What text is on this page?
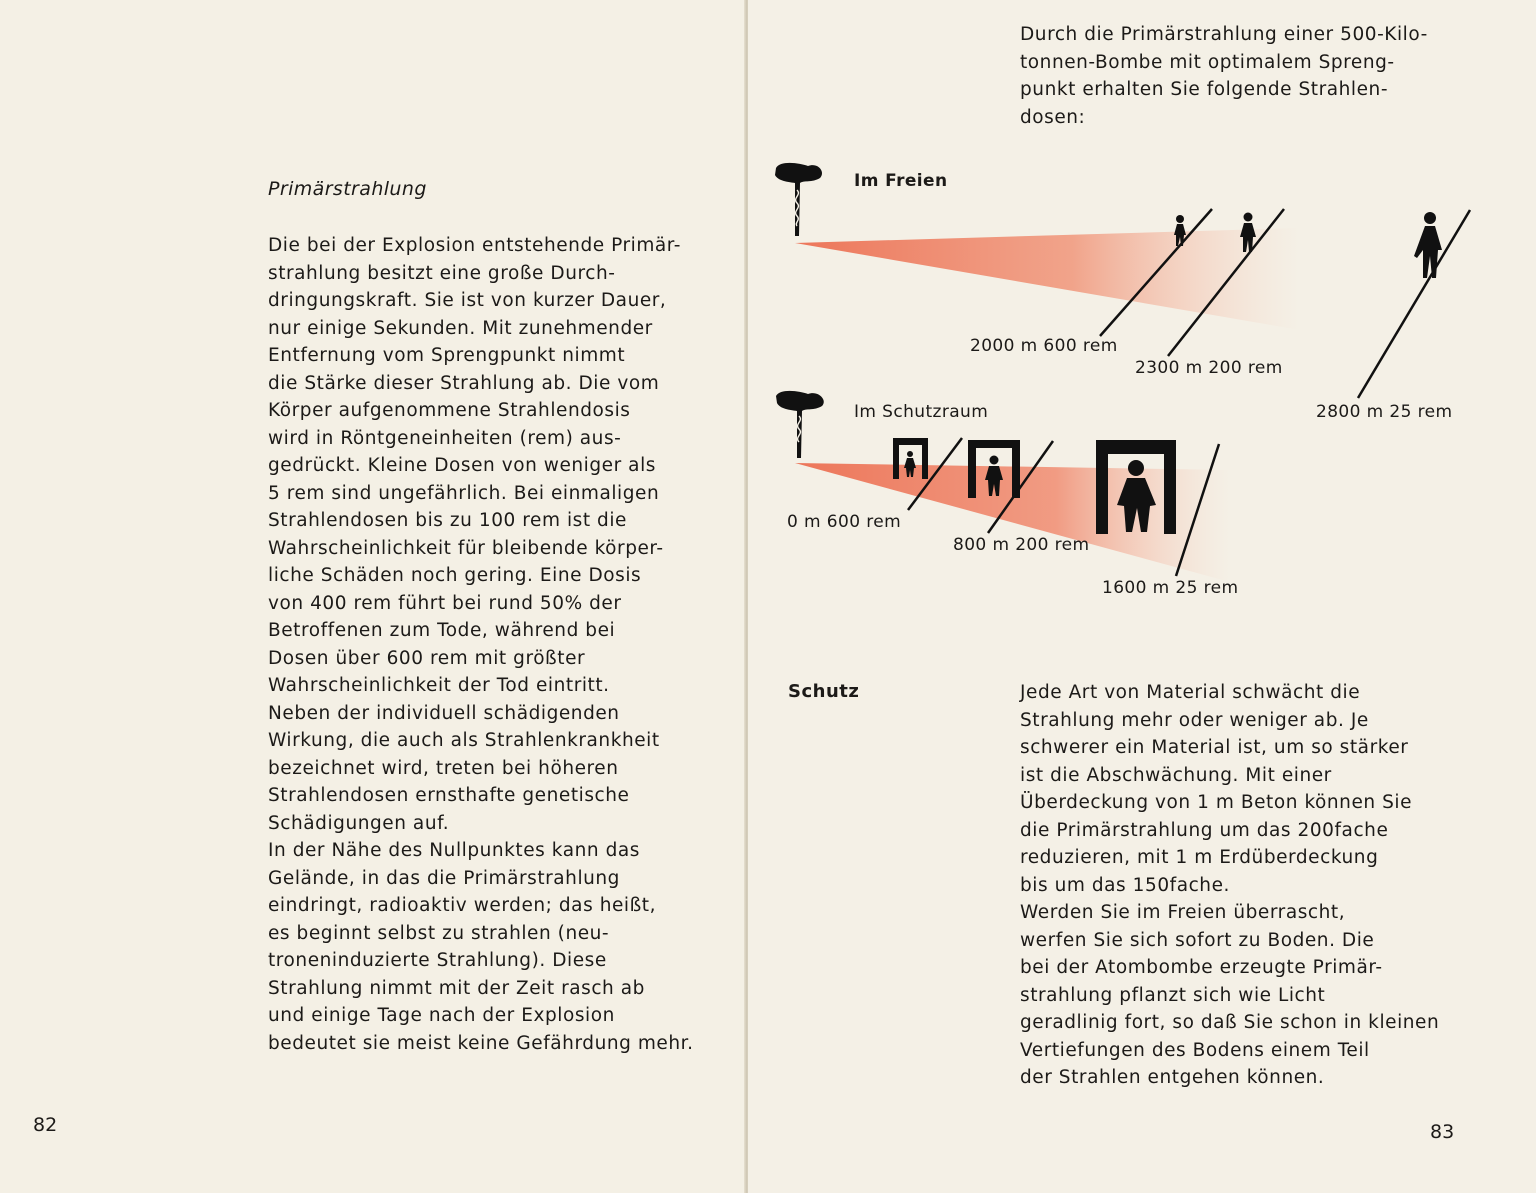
Primärstrahlung

Die bei der Explosion entstehende Primär-
strahlung besitzt eine große Durch-
dringungskraft. Sie ist von kurzer Dauer,
nur einige Sekunden. Mit zunehmender
Entfernung vom Sprengpunkt nimmt
die Stärke dieser Strahlung ab. Die vom
Körper aufgenommene Strahlendosis
wird in Röntgeneinheiten (rem) aus-
gedrückt. Kleine Dosen von weniger als
5 rem sind ungefährlich. Bei einmaligen
Strahlendosen bis zu 100 rem ist die
Wahrscheinlichkeit für bleibende körper-
liche Schäden noch gering. Eine Dosis
von 400 rem führt bei rund 50% der
Betroffenen zum Tode, während bei
Dosen über 600 rem mit größter
Wahrscheinlichkeit der Tod eintritt.
Neben der individuell schädigenden
Wirkung, die auch als Strahlenkrankheit
bezeichnet wird, treten bei höheren
Strahlendosen ernsthafte genetische
Schädigungen auf.
In der Nähe des Nullpunktes kann das
Gelände, in das die Primärstrahlung
eindringt, radioaktiv werden; das heißt,
es beginnt selbst zu strahlen (neu-
troneninduzierte Strahlung). Diese
Strahlung nimmt mit der Zeit rasch ab
und einige Tage nach der Explosion
bedeutet sie meist keine Gefährdung mehr.

82

Durch die Primärstrahlung einer 500-Kilo-
tonnen-Bombe mit optimalem Spreng-
punkt erhalten Sie folgende Strahlen-
dosen:

Im Freien
2000 m 600 rem
2300 m 200 rem
2800 m 25 rem
Im Schutzraum
0 m 600 rem
800 m 200 rem
1600 m 25 rem
Schutz	Jede Art von Material schwächt die
Strahlung mehr oder weniger ab. Je
schwerer ein Material ist, um so stärker
ist die Abschwächung. Mit einer
Überdeckung von 1 m Beton können Sie
die Primärstrahlung um das 200fache
reduzieren, mit 1 m Erdüberdeckung
bis um das 150fache.
Werden Sie im Freien überrascht,
werfen Sie sich sofort zu Boden. Die
bei der Atombombe erzeugte Primär-
strahlung pflanzt sich wie Licht
geradlinig fort, so daß Sie schon in kleinen
Vertiefungen des Bodens einem Teil
der Strahlen entgehen können.

83
